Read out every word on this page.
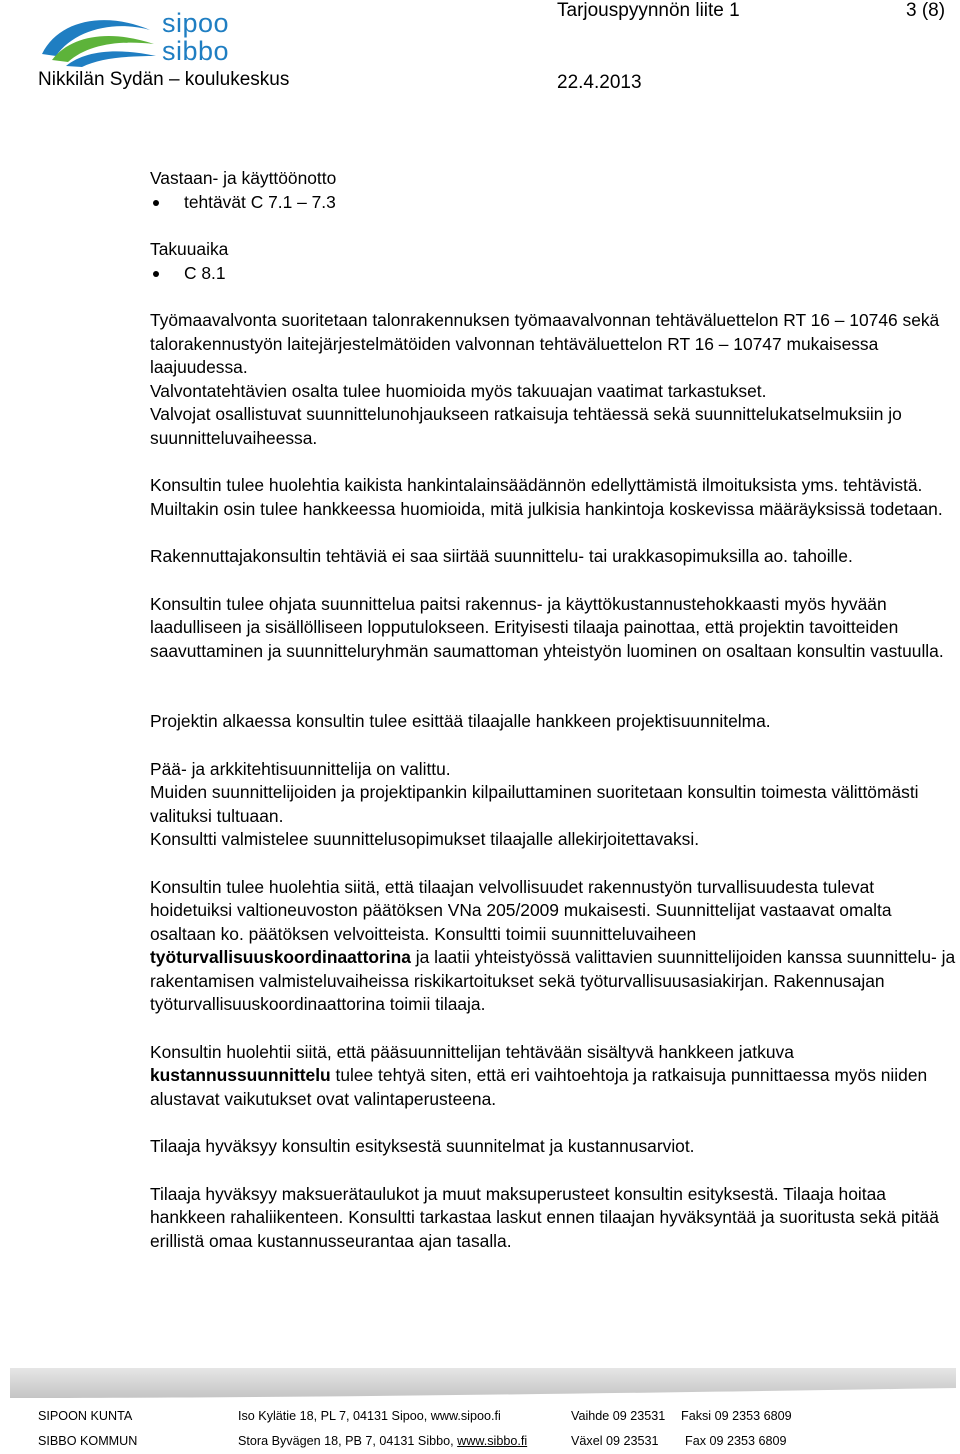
sipoo
sibbo
Tarjouspyynnön liite 1	3 (8)
Nikkilän Sydän – koulukeskus	22.4.2013

Vastaan- ja käyttöönotto

tehtävät C 7.1 – 7.3

Takuuaika

C 8.1

Työmaavalvonta suoritetaan talonrakennuksen työmaavalvonnan tehtäväluettelon RT 16 – 10746 sekä talorakennustyön laitejärjestelmätöiden valvonnan tehtäväluettelon RT 16 – 10747 mukaisessa laajuudessa.

Valvontatehtävien osalta tulee huomioida myös takuuajan vaatimat tarkastukset.

Valvojat osallistuvat suunnittelunohjaukseen ratkaisuja tehtäessä sekä suunnittelukatselmuksiin jo suunnitteluvaiheessa.

Konsultin tulee huolehtia kaikista hankintalainsäädännön edellyttämistä ilmoituksista yms. tehtävistä. Muiltakin osin tulee hankkeessa huomioida, mitä julkisia hankintoja koskevissa määräyksissä todetaan.

Rakennuttajakonsultin tehtäviä ei saa siirtää suunnittelu- tai urakkasopimuksilla ao. tahoille.

Konsultin tulee ohjata suunnittelua paitsi rakennus- ja käyttökustannustehokkaasti myös hyvään laadulliseen ja sisällölliseen lopputulokseen. Erityisesti tilaaja painottaa, että projektin tavoitteiden saavuttaminen ja suunnitteluryhmän saumattoman yhteistyön luominen on osaltaan konsultin vastuulla.

Projektin alkaessa konsultin tulee esittää tilaajalle hankkeen projektisuunnitelma.

Pää- ja arkkitehtisuunnittelija on valittu.

Muiden suunnittelijoiden ja projektipankin kilpailuttaminen suoritetaan konsultin toimesta välittömästi valituksi tultuaan.

Konsultti valmistelee suunnittelusopimukset tilaajalle allekirjoitettavaksi.

Konsultin tulee huolehtia siitä, että tilaajan velvollisuudet rakennustyön turvallisuudesta tulevat hoidetuiksi valtioneuvoston päätöksen VNa 205/2009 mukaisesti. Suunnittelijat vastaavat omalta osaltaan ko. päätöksen velvoitteista. Konsultti toimii suunnitteluvaiheen työturvallisuuskoordinaattorina ja laatii yhteistyössä valittavien suunnittelijoiden kanssa suunnittelu- ja rakentamisen valmisteluvaiheissa riskikartoitukset sekä työturvallisuusasiakirjan. Rakennusajan työturvallisuuskoordinaattorina toimii tilaaja.

Konsultin huolehtii siitä, että pääsuunnittelijan tehtävään sisältyvä hankkeen jatkuva kustannussuunnittelu tulee tehtyä siten, että eri vaihtoehtoja ja ratkaisuja punnittaessa myös niiden alustavat vaikutukset ovat valintaperusteena.

Tilaaja hyväksyy konsultin esityksestä suunnitelmat ja kustannusarviot.

Tilaaja hyväksyy maksuerätaulukot ja muut maksuperusteet konsultin esityksestä. Tilaaja hoitaa hankkeen rahaliikenteen. Konsultti tarkastaa laskut ennen tilaajan hyväksyntää ja suoritusta sekä pitää erillistä omaa kustannusseurantaa ajan tasalla.

SIPOON KUNTA	Iso Kylätie 18, PL 7, 04131 Sipoo, www.sipoo.fi	Vaihde 09 23531 Faksi 09 2353 6809
SIBBO KOMMUN	Stora Byvägen 18, PB 7, 04131 Sibbo, www.sibbo.fi	Växel 09 23531 Fax 09 2353 6809
